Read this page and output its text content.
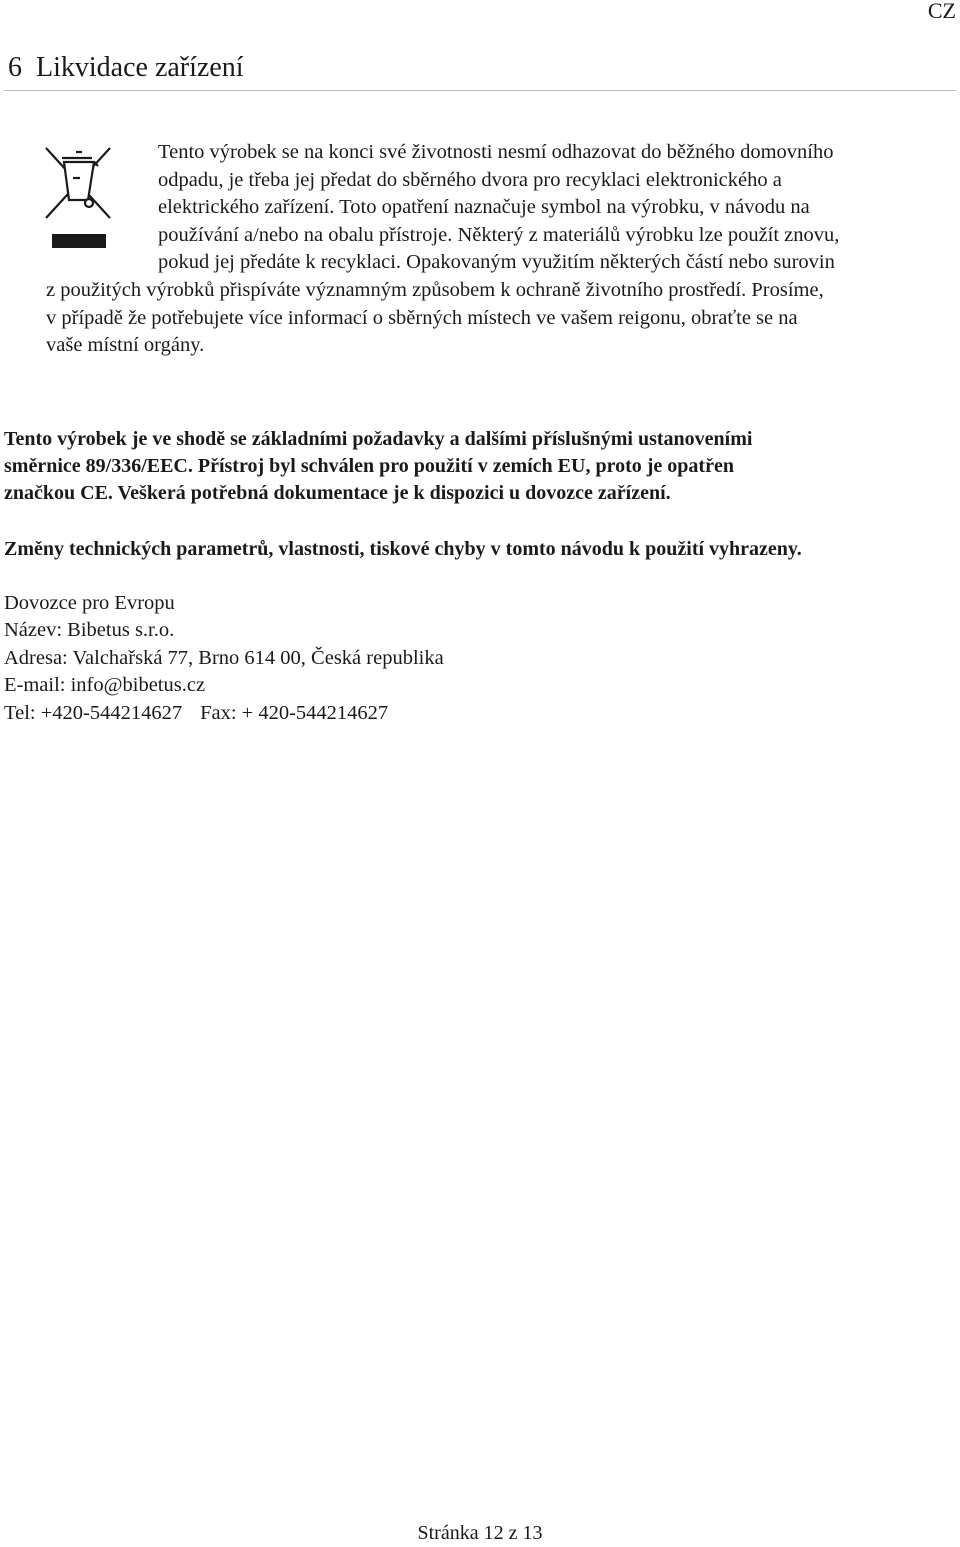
CZ
6 Likvidace zařízení
Tento výrobek se na konci své životnosti nesmí odhazovat do běžného domovního
odpadu, je třeba jej předat do sběrného dvora pro recyklaci elektronického a
elektrického zařízení. Toto opatření naznačuje symbol na výrobku, v návodu na
používání a/nebo na obalu přístroje. Některý z materiálů výrobku lze použít znovu,
pokud jej předáte k recyklaci. Opakovaným využitím některých částí nebo surovin
z použitých výrobků přispíváte významným způsobem k ochraně životního prostředí. Prosíme,
v případě že potřebujete více informací o sběrných místech ve vašem reigonu, obraťte se na
vaše místní orgány.
Tento výrobek je ve shodě se základními požadavky a dalšími příslušnými ustanoveními
směrnice 89/336/EEC. Přístroj byl schválen pro použití v zemích EU, proto je opatřen
značkou CE. Veškerá potřebná dokumentace je k dispozici u dovozce zařízení.
Změny technických parametrů, vlastnosti, tiskové chyby v tomto návodu k použití vyhrazeny.
Dovozce pro Evropu
Název: Bibetus s.r.o.
Adresa: Valchařská 77, Brno 614 00, Česká republika
E-mail: info@bibetus.cz
Tel: +420-544214627 Fax: + 420-544214627
Stránka 12 z 13
